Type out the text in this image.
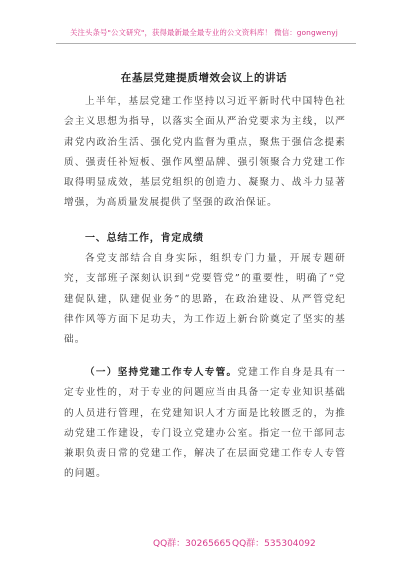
关注头条号"公文研究"，获得最新最全最专业的公文资料库！ 微信：gongwenyj
在基层党建提质增效会议上的讲话
上半年，基层党建工作坚持以习近平新时代中国特色社会主义思想为指导，以落实全面从严治党要求为主线，以严肃党内政治生活、强化党内监督为重点，聚焦于强信念提素质、强责任补短板、强作风塑品牌、强引领聚合力党建工作取得明显成效，基层党组织的创造力、凝聚力、战斗力显著增强，为高质量发展提供了坚强的政治保证。
一、总结工作，肯定成绩
各党支部结合自身实际，组织专门力量，开展专题研究，支部班子深刻认识到“党要管党”的重要性，明确了“党建促队建，队建促业务”的思路，在政治建设、从严管党纪律作风等方面下足功夫，为工作迈上新台阶奠定了坚实的基础。
（一）坚持党建工作专人专管。党建工作自身是具有一定专业性的，对于专业的问题应当由具备一定专业知识基础的人员进行管理，在党建知识人才方面是比较匮乏的，为推动党建工作建设，专门设立党建办公室。指定一位干部同志兼职负责日常的党建工作，解决了在层面党建工作专人专管的问题。
QQ群：30265665 QQ群：535304092
